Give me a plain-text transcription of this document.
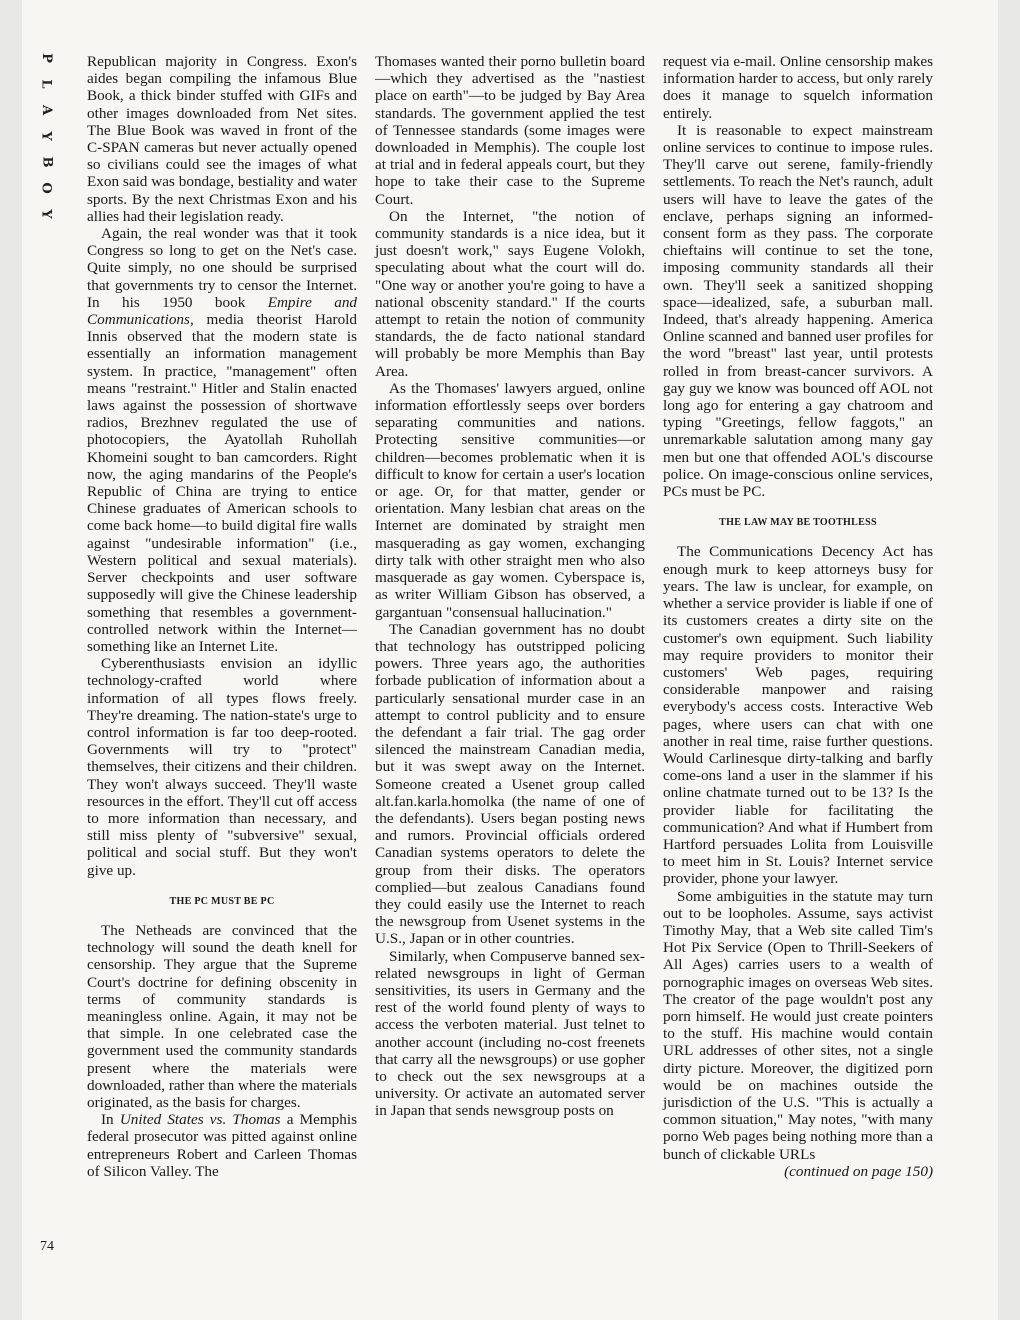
P
L
A
Y
B
O
Y

Republican majority in Congress. Exon's aides began compiling the infamous Blue Book, a thick binder stuffed with GIFs and other images downloaded from Net sites. The Blue Book was waved in front of the C-SPAN cameras but never actually opened so civilians could see the images of what Exon said was bondage, bestiality and water sports. By the next Christmas Exon and his allies had their legislation ready.

Again, the real wonder was that it took Congress so long to get on the Net's case. Quite simply, no one should be surprised that governments try to censor the Internet. In his 1950 book Empire and Communications, media theorist Harold Innis observed that the modern state is essentially an information management system. In practice, "management" often means "restraint." Hitler and Stalin enacted laws against the possession of shortwave radios, Brezhnev regulated the use of photocopiers, the Ayatollah Ruhollah Khomeini sought to ban camcorders. Right now, the aging mandarins of the People's Republic of China are trying to entice Chinese graduates of American schools to come back home—to build digital fire walls against "undesirable information" (i.e., Western political and sexual materials). Server checkpoints and user software supposedly will give the Chinese leadership something that resembles a government-controlled network within the Internet—something like an Internet Lite.

Cyberenthusiasts envision an idyllic technology-crafted world where information of all types flows freely. They're dreaming. The nation-state's urge to control information is far too deep-rooted. Governments will try to "protect" themselves, their citizens and their children. They won't always succeed. They'll waste resources in the effort. They'll cut off access to more information than necessary, and still miss plenty of "subversive" sexual, political and social stuff. But they won't give up.

THE PC MUST BE PC

The Netheads are convinced that the technology will sound the death knell for censorship. They argue that the Supreme Court's doctrine for defining obscenity in terms of community standards is meaningless online. Again, it may not be that simple. In one celebrated case the government used the community standards present where the materials were downloaded, rather than where the materials originated, as the basis for charges.

In United States vs. Thomas a Memphis federal prosecutor was pitted against online entrepreneurs Robert and Carleen Thomas of Silicon Valley. The

Thomases wanted their porno bulletin board—which they advertised as the "nastiest place on earth"—to be judged by Bay Area standards. The government applied the test of Tennessee standards (some images were downloaded in Memphis). The couple lost at trial and in federal appeals court, but they hope to take their case to the Supreme Court.

On the Internet, "the notion of community standards is a nice idea, but it just doesn't work," says Eugene Volokh, speculating about what the court will do. "One way or another you're going to have a national obscenity standard." If the courts attempt to retain the notion of community standards, the de facto national standard will probably be more Memphis than Bay Area.

As the Thomases' lawyers argued, online information effortlessly seeps over borders separating communities and nations. Protecting sensitive communities—or children—becomes problematic when it is difficult to know for certain a user's location or age. Or, for that matter, gender or orientation. Many lesbian chat areas on the Internet are dominated by straight men masquerading as gay women, exchanging dirty talk with other straight men who also masquerade as gay women. Cyberspace is, as writer William Gibson has observed, a gargantuan "consensual hallucination."

The Canadian government has no doubt that technology has outstripped policing powers. Three years ago, the authorities forbade publication of information about a particularly sensational murder case in an attempt to control publicity and to ensure the defendant a fair trial. The gag order silenced the mainstream Canadian media, but it was swept away on the Internet. Someone created a Usenet group called alt.fan.karla.homolka (the name of one of the defendants). Users began posting news and rumors. Provincial officials ordered Canadian systems operators to delete the group from their disks. The operators complied—but zealous Canadians found they could easily use the Internet to reach the newsgroup from Usenet systems in the U.S., Japan or in other countries.

Similarly, when Compuserve banned sex-related newsgroups in light of German sensitivities, its users in Germany and the rest of the world found plenty of ways to access the verboten material. Just telnet to another account (including no-cost freenets that carry all the newsgroups) or use gopher to check out the sex newsgroups at a university. Or activate an automated server in Japan that sends newsgroup posts on

request via e-mail. Online censorship makes information harder to access, but only rarely does it manage to squelch information entirely.

It is reasonable to expect mainstream online services to continue to impose rules. They'll carve out serene, family-friendly settlements. To reach the Net's raunch, adult users will have to leave the gates of the enclave, perhaps signing an informed-consent form as they pass. The corporate chieftains will continue to set the tone, imposing community standards all their own. They'll seek a sanitized shopping space—idealized, safe, a suburban mall. Indeed, that's already happening. America Online scanned and banned user profiles for the word "breast" last year, until protests rolled in from breast-cancer survivors. A gay guy we know was bounced off AOL not long ago for entering a gay chatroom and typing "Greetings, fellow faggots," an unremarkable salutation among many gay men but one that offended AOL's discourse police. On image-conscious online services, PCs must be PC.

THE LAW MAY BE TOOTHLESS

The Communications Decency Act has enough murk to keep attorneys busy for years. The law is unclear, for example, on whether a service provider is liable if one of its customers creates a dirty site on the customer's own equipment. Such liability may require providers to monitor their customers' Web pages, requiring considerable manpower and raising everybody's access costs. Interactive Web pages, where users can chat with one another in real time, raise further questions. Would Carlinesque dirty-talking and barfly come-ons land a user in the slammer if his online chatmate turned out to be 13? Is the provider liable for facilitating the communication? And what if Humbert from Hartford persuades Lolita from Louisville to meet him in St. Louis? Internet service provider, phone your lawyer.

Some ambiguities in the statute may turn out to be loopholes. Assume, says activist Timothy May, that a Web site called Tim's Hot Pix Service (Open to Thrill-Seekers of All Ages) carries users to a wealth of pornographic images on overseas Web sites. The creator of the page wouldn't post any porn himself. He would just create pointers to the stuff. His machine would contain URL addresses of other sites, not a single dirty picture. Moreover, the digitized porn would be on machines outside the jurisdiction of the U.S. "This is actually a common situation," May notes, "with many porno Web pages being nothing more than a bunch of clickable URLs

(continued on page 150)

74
